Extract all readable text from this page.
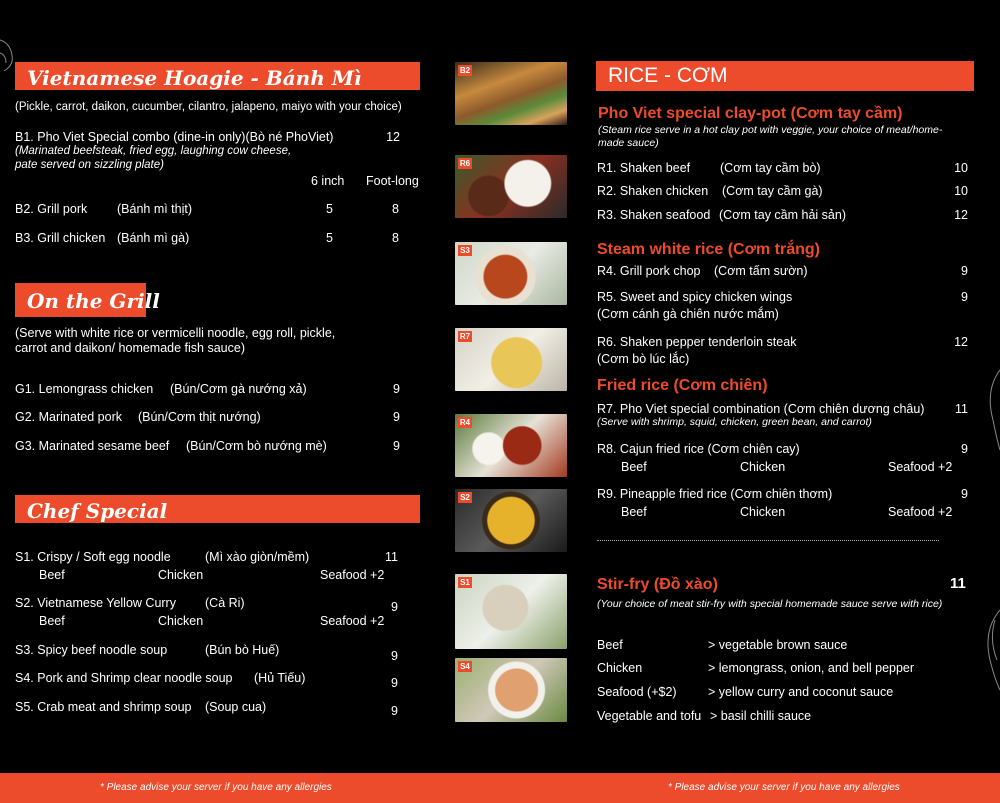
Vietnamese Hoagie - Bánh Mì
(Pickle, carrot, daikon, cucumber, cilantro, jalapeno, maiyo with your choice)
B1. Pho Viet Special combo (dine-in only)(Bò né PhoViet)	12
(Marinated beefsteak, fried egg, laughing cow cheese,
pate served on sizzling plate)
6 inch Foot-long
B2. Grill pork (Bánh mì thịt)	5	8
B3. Grill chicken (Bánh mì gà)	5	8
On the Grill
(Serve with white rice or vermicelli noodle, egg roll, pickle,
carrot and daikon/ homemade fish sauce)
G1. Lemongrass chicken (Bún/Cơm gà nướng xả)	9
G2. Marinated pork (Bún/Cơm thịt nướng)	9
G3. Marinated sesame beef (Bún/Cơm bò nướng mè)	9
Chef Special
S1. Crispy / Soft egg noodle	(Mì xào giòn/mềm)	11
Beef	Chicken	Seafood +2
S2. Vietnamese Yellow Curry (Cà Ri)	9
Beef	Chicken	Seafood +2
S3. Spicy beef noodle soup	(Bún bò Huế)	9
S4. Pork and Shrimp clear noodle soup (Hủ Tiếu)	9
S5. Crab meat and shrimp soup (Soup cua)	9
B2
R6
S3
R7
R4
S2
S1
S4
RICE - CƠM
Pho Viet special clay-pot (Cơm tay cầm)
(Steam rice serve in a hot clay pot with veggie, your choice of meat/home-
made sauce)
R1. Shaken beef (Cơm tay cầm bò)	10
R2. Shaken chicken (Cơm tay cầm gà)	10
R3. Shaken seafood (Cơm tay cầm hải sản)	12
Steam white rice (Cơm trắng)
R4. Grill pork chop (Cơm tấm sườn)	9
R5. Sweet and spicy chicken wings	9
(Cơm cánh gà chiên nước mắm)
R6. Shaken pepper tenderloin steak	12
(Cơm bò lúc lắc)
Fried rice (Cơm chiên)
R7. Pho Viet special combination (Cơm chiên dương châu)	11
(Serve with shrimp, squid, chicken, green bean, and carrot)
R8. Cajun fried rice (Cơm chiên cay)	9
Beef	Chicken	Seafood +2
R9. Pineapple fried rice (Cơm chiên thơm)	9
Beef	Chicken	Seafood +2
Stir-fry (Đồ xào)	11
(Your choice of meat stir-fry with special homemade sauce serve with rice)
Beef	> vegetable brown sauce
Chicken	> lemongrass, onion, and bell pepper
Seafood (+$2)	> yellow curry and coconut sauce
Vegetable and tofu > basil chilli sauce
* Please advise your server if you have any allergies	* Please advise your server if you have any allergies
